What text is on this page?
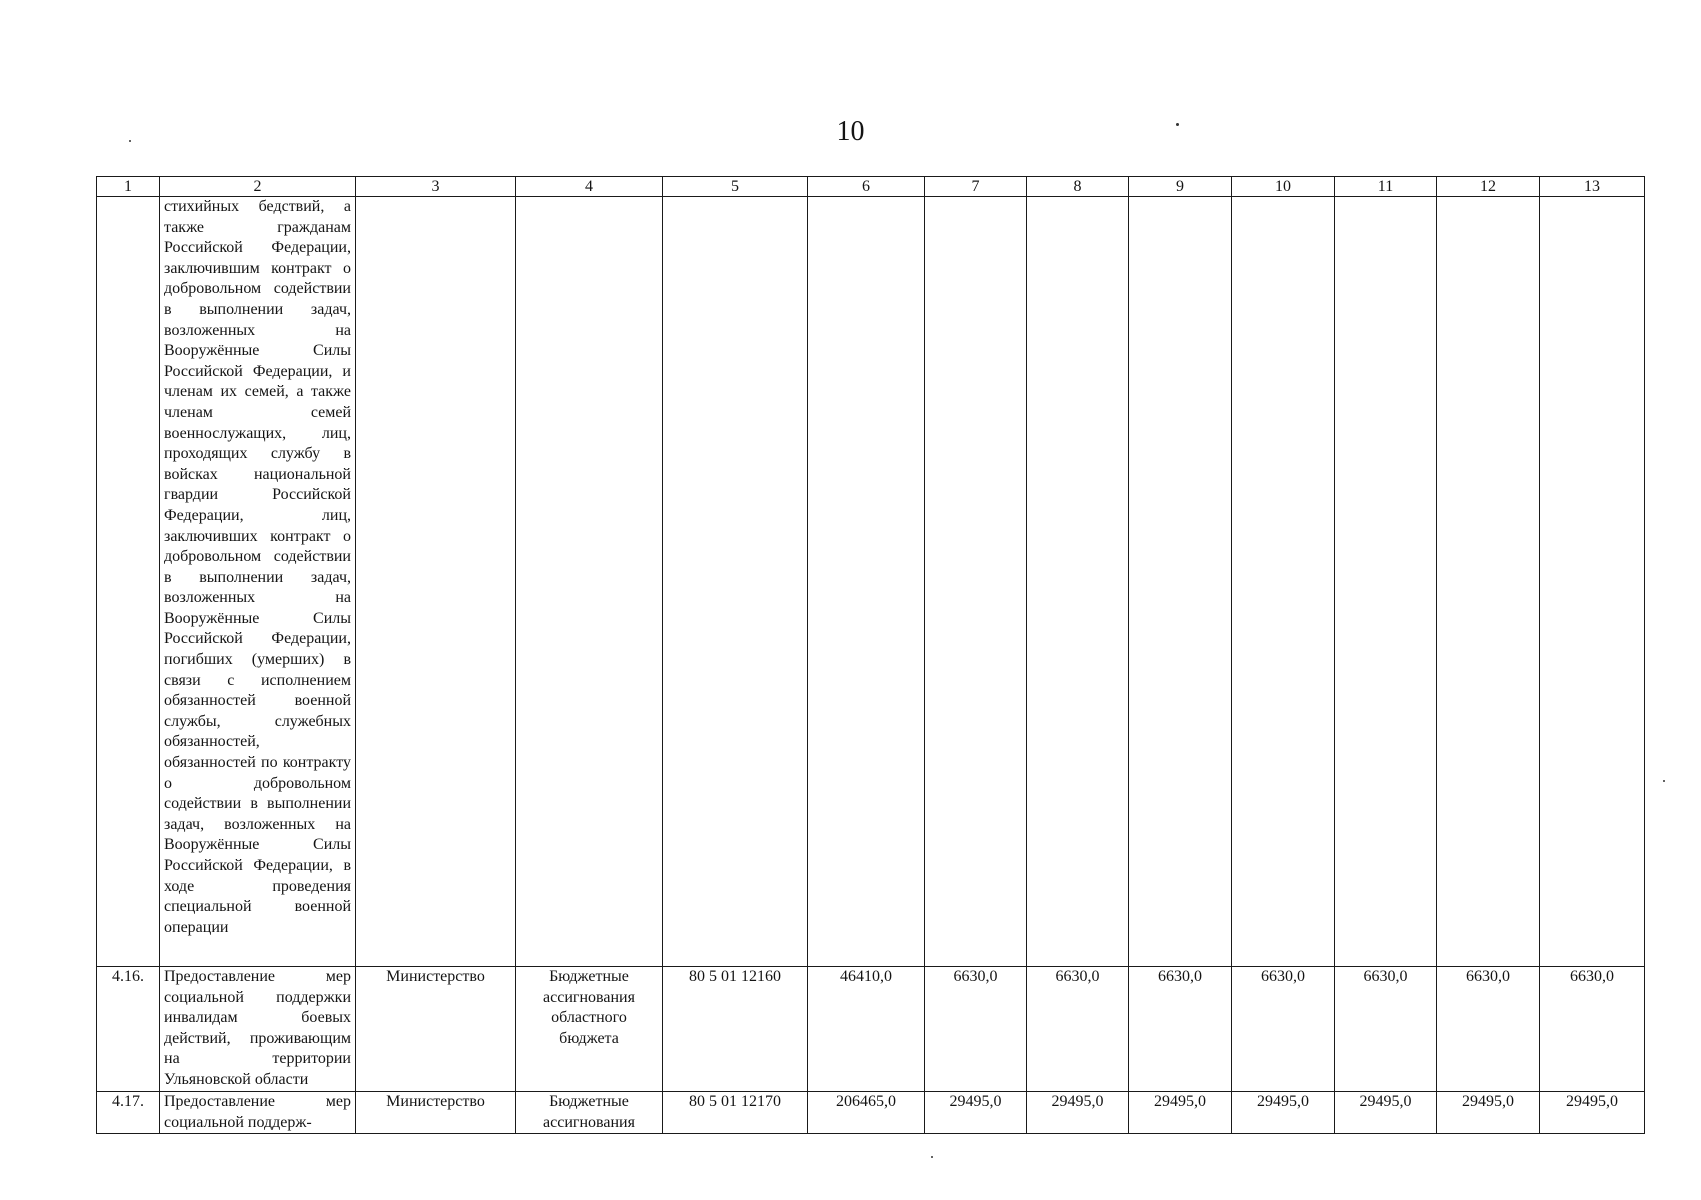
10
1	2	3	4	5	6	7	8	9	10	11	12	13
	стихийных бедствий, а также гражданам Российской Федерации, заключившим контракт о добровольном содействии в выполнении задач, возложенных на Вооружённые Силы Российской Федерации, и членам их семей, а также членам семей военнослужащих, лиц, проходящих службу в войсках национальной гвардии Российской Федерации, лиц, заключивших контракт о добровольном содействии в выполнении задач, возложенных на Вооружённые Силы Российской Федерации, погибших (умерших) в связи с исполнением обязанностей военной службы, служебных обязанностей, обязанностей по контракту о добровольном содействии в выполнении задач, возложенных на Вооружённые Силы Российской Федерации, в ходе проведения специальной военной операции											
4.16.	Предоставление мер социальной поддержки инвалидам боевых действий, проживающим на территории Ульяновской области	Министерство	Бюджетные ассигнования областного бюджета	80 5 01 12160	46410,0	6630,0	6630,0	6630,0	6630,0	6630,0	6630,0	6630,0
4.17.	Предоставление мер социальной поддерж-	Министерство	Бюджетные ассигнования	80 5 01 12170	206465,0	29495,0	29495,0	29495,0	29495,0	29495,0	29495,0	29495,0
